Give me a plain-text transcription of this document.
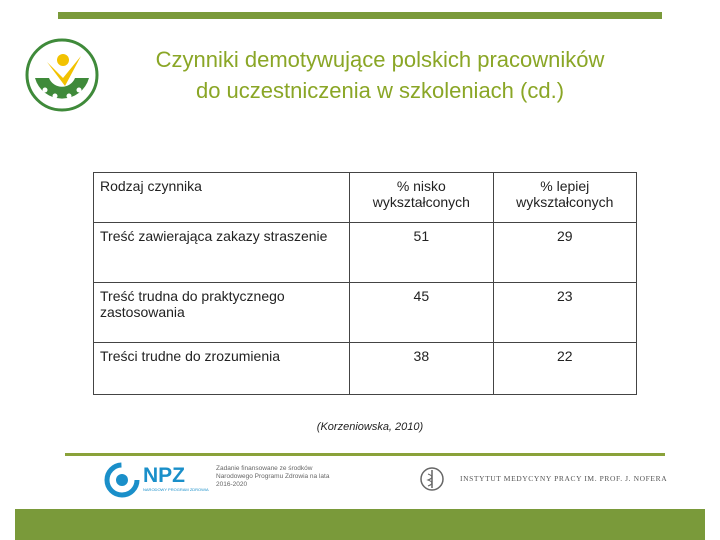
Czynniki demotywujące polskich pracowników do uczestniczenia w szkoleniach (cd.)
Rodzaj czynnika	% nisko wykształconych	% lepiej wykształconych
Treść zawierająca zakazy straszenie	51	29
Treść trudna do praktycznego zastosowania	45	23
Treści trudne do zrozumienia	38	22
(Korzeniowska, 2010)
NPZ
NARODOWY PROGRAM ZDROWIA
Zadanie finansowane ze środków Narodowego Programu Zdrowia na lata 2016-2020
INSTYTUT MEDYCYNY PRACY IM. PROF. J. NOFERA
